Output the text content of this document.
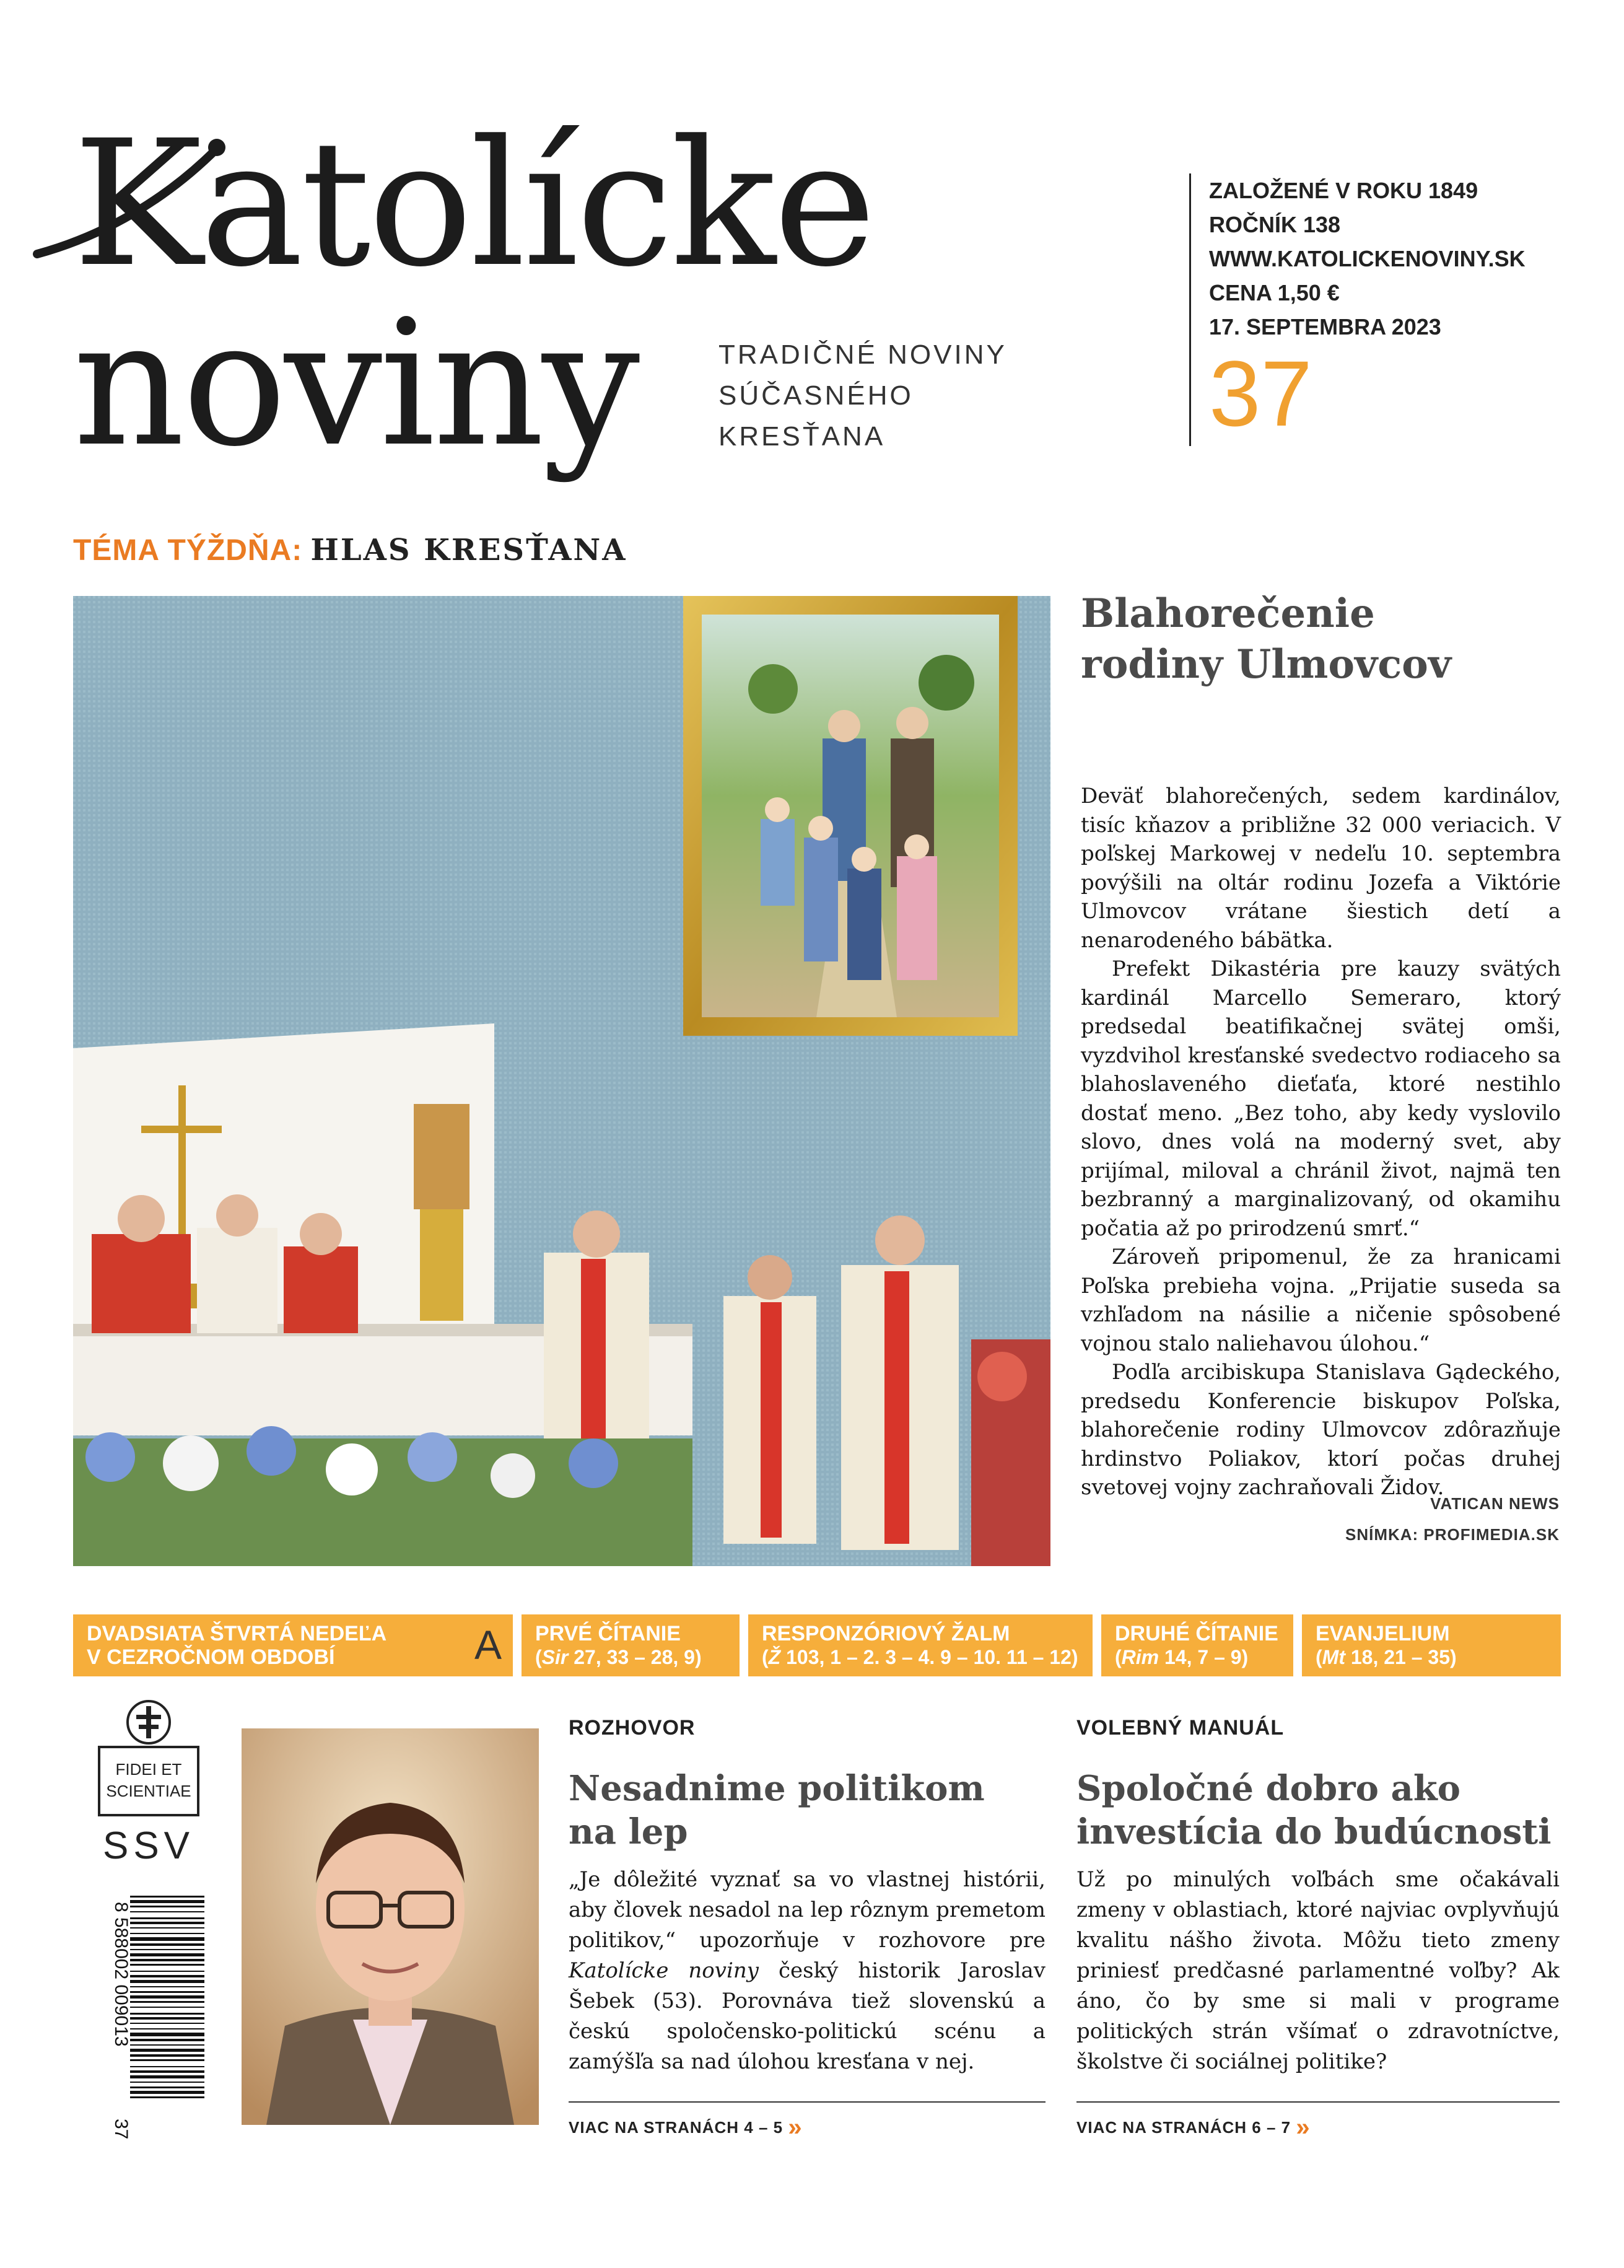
Katolícke
noviny	TRADIČNÉ NOVINY
SÚČASNÉHO
KRESŤANA
ZALOŽENÉ V ROKU 1849
ROČNÍK 138
WWW.KATOLICKENOVINY.SK
CENA 1,50 €
17. SEPTEMBRA 2023
37
TÉMA TÝŽDŇA: HLAS KRESŤANA
Blahorečenie
rodiny Ulmovcov

Deväť blahorečených, sedem kardinálov, tisíc kňazov a približne 32 000 veriacich. V poľskej Markowej v nedeľu 10. septembra povýšili na oltár rodinu Jozefa a Viktórie Ulmovcov vrátane šiestich detí a nenarodeného bábätka.

Prefekt Dikastéria pre kauzy svätých kardinál Marcello Semeraro, ktorý predsedal beatifikačnej svätej omši, vyzdvihol kresťanské svedectvo rodiaceho sa blahoslaveného dieťaťa, ktoré nestihlo dostať meno. „Bez toho, aby kedy vyslovilo slovo, dnes volá na moderný svet, aby prijímal, miloval a chránil život, najmä ten bezbranný a marginalizovaný, od okamihu počatia až po prirodzenú smrť.“

Zároveň pripomenul, že za hranicami Poľska prebieha vojna. „Prijatie suseda sa vzhľadom na násilie a ničenie spôsobené vojnou stalo naliehavou úlohou.“

Podľa arcibiskupa Stanislava Gądeckého, predsedu Konferencie biskupov Poľska, blahorečenie rodiny Ulmovcov zdôrazňuje hrdinstvo Poliakov, ktorí počas druhej svetovej vojny zachraňovali Židov.

VATICAN NEWS
SNÍMKA: PROFIMEDIA.SK
DVADSIATA ŠTVRTÁ NEDEĽA
V CEZROČNOM OBDOBÍ	A PRVÉ ČÍTANIE
(Sir 27, 33 – 28, 9)
RESPONZÓRIOVÝ ŽALM
(Ž 103, 1 – 2. 3 – 4. 9 – 10. 11 – 12)
DRUHÉ ČÍTANIE
(Rim 14, 7 – 9)
EVANJELIUM
(Mt 18, 21 – 35)
FIDEI ET
SCIENTIAE
SSV
8 588002 009013
37
ROZHOVOR
Nesadnime politikom
na lep
„Je dôležité vyznať sa vo vlastnej histórii, aby človek nesadol na lep rôznym premetom politikov,“ upozorňuje v rozhovore pre Katolícke noviny český historik Jaroslav Šebek (53). Porovnáva tiež slovenskú a českú spoločensko-politickú scénu a zamýšľa sa nad úlohou kresťana v nej.
VIAC NA STRANÁCH 4 – 5 »
VOLEBNÝ MANUÁL
Spoločné dobro ako
investícia do budúcnosti
Už po minulých voľbách sme očakávali zmeny v oblastiach, ktoré najviac ovplyvňujú kvalitu nášho života. Môžu tieto zmeny priniesť predčasné parlamentné voľby? Ak áno, čo by sme si mali v programe politických strán všímať o zdravotníctve, školstve či sociálnej politike?
VIAC NA STRANÁCH 6 – 7 »
